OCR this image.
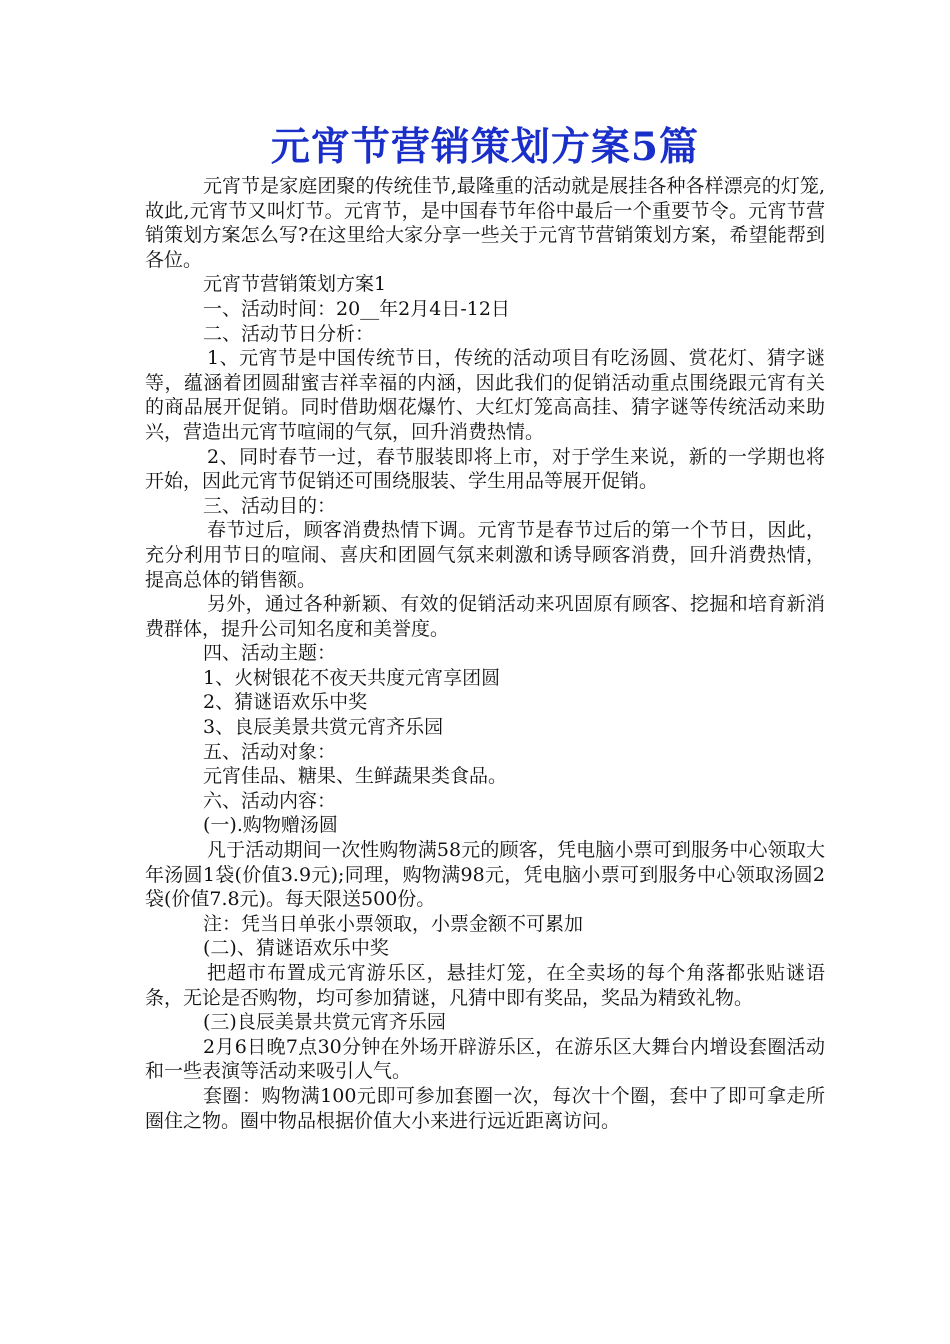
元宵节营销策划方案5篇

元宵节是家庭团聚的传统佳节,最隆重的活动就是展挂各种各样漂亮的灯笼,故此,元宵节又叫灯节。元宵节，是中国春节年俗中最后一个重要节令。元宵节营销策划方案怎么写?在这里给大家分享一些关于元宵节营销策划方案，希望能帮到各位。

元宵节营销策划方案1

一、活动时间：20__年2月4日-12日

二、活动节日分析：

1、元宵节是中国传统节日，传统的活动项目有吃汤圆、赏花灯、猜字谜等，蕴涵着团圆甜蜜吉祥幸福的内涵，因此我们的促销活动重点围绕跟元宵有关的商品展开促销。同时借助烟花爆竹、大红灯笼高高挂、猜字谜等传统活动来助兴，营造出元宵节喧闹的气氛，回升消费热情。

2、同时春节一过，春节服装即将上市，对于学生来说，新的一学期也将开始，因此元宵节促销还可围绕服装、学生用品等展开促销。

三、活动目的：

春节过后，顾客消费热情下调。元宵节是春节过后的第一个节日，因此，充分利用节日的喧闹、喜庆和团圆气氛来刺激和诱导顾客消费，回升消费热情，提高总体的销售额。

另外，通过各种新颖、有效的促销活动来巩固原有顾客、挖掘和培育新消费群体，提升公司知名度和美誉度。

四、活动主题：

1、火树银花不夜天共度元宵享团圆

2、猜谜语欢乐中奖

3、良辰美景共赏元宵齐乐园

五、活动对象：

元宵佳品、糖果、生鲜蔬果类食品。

六、活动内容：

(一).购物赠汤圆

凡于活动期间一次性购物满58元的顾客，凭电脑小票可到服务中心领取大年汤圆1袋(价值3.9元);同理，购物满98元，凭电脑小票可到服务中心领取汤圆2袋(价值7.8元)。每天限送500份。

注：凭当日单张小票领取，小票金额不可累加

(二)、猜谜语欢乐中奖

把超市布置成元宵游乐区，悬挂灯笼，在全卖场的每个角落都张贴谜语条，无论是否购物，均可参加猜谜，凡猜中即有奖品，奖品为精致礼物。

(三)良辰美景共赏元宵齐乐园

2月6日晚7点30分钟在外场开辟游乐区，在游乐区大舞台内增设套圈活动和一些表演等活动来吸引人气。

套圈：购物满100元即可参加套圈一次，每次十个圈，套中了即可拿走所圈住之物。圈中物品根据价值大小来进行远近距离访问。
